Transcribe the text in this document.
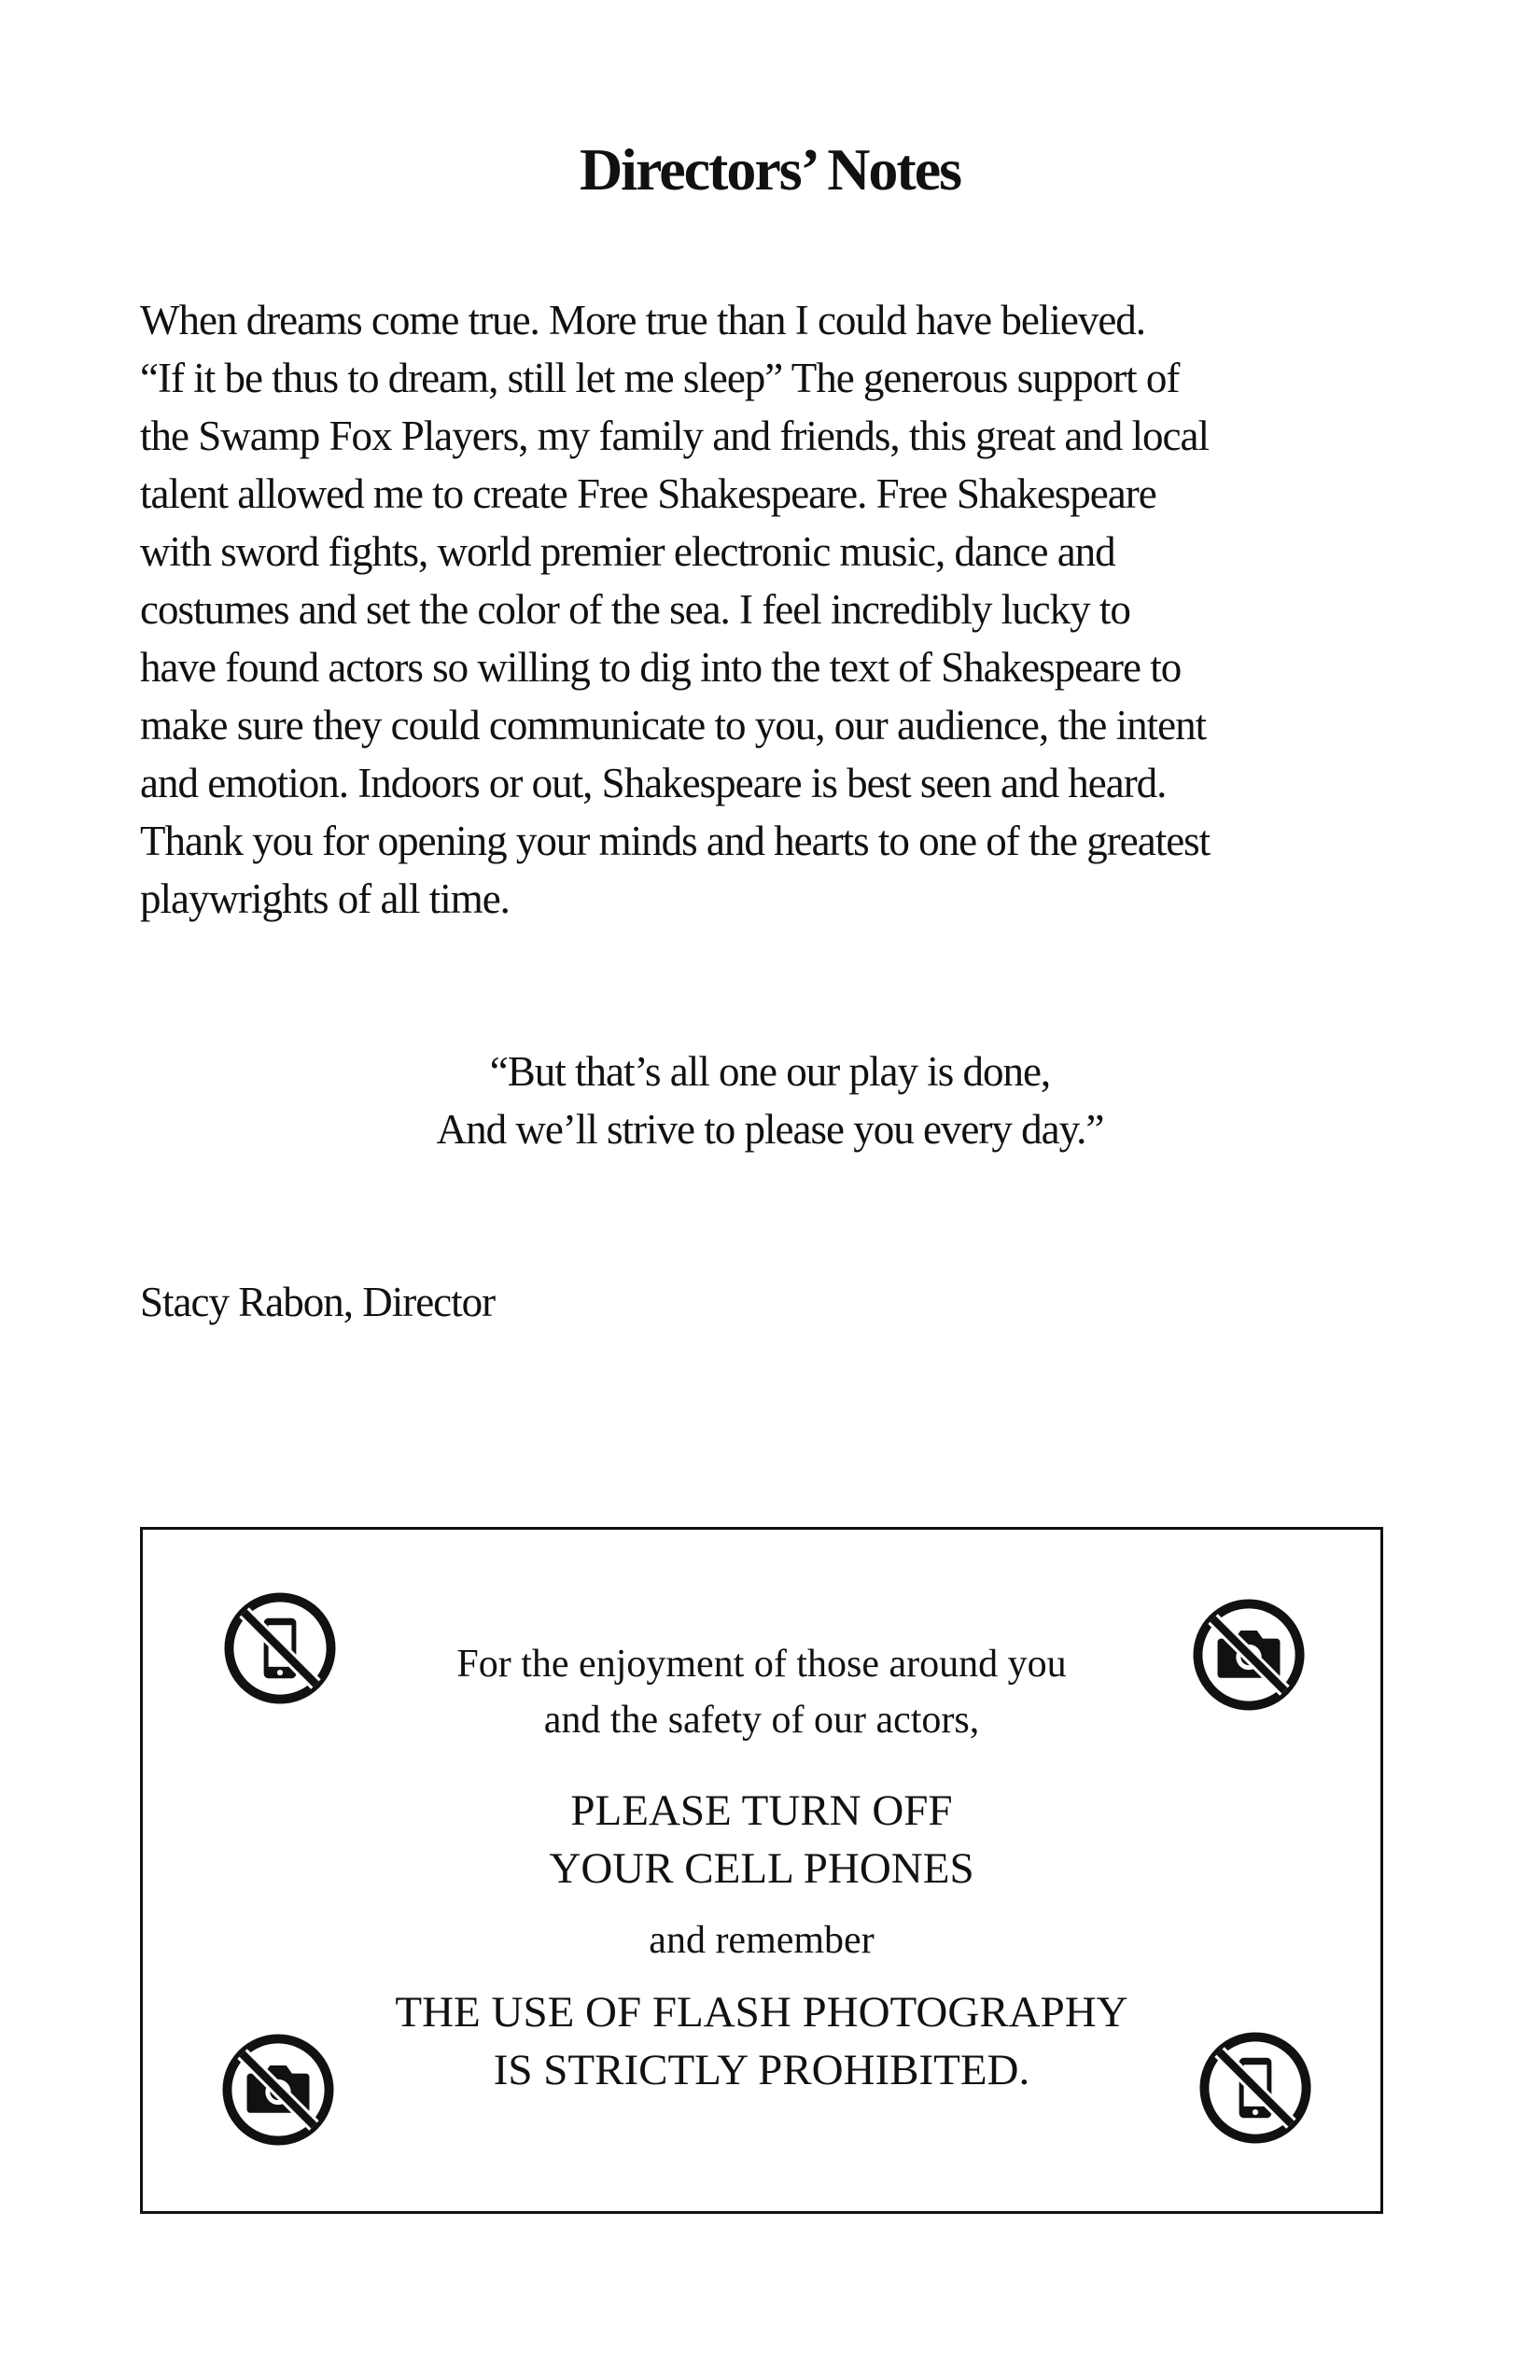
Directors’ Notes
When dreams come true. More true than I could have believed.
“If it be thus to dream, still let me sleep” The generous support of
the Swamp Fox Players, my family and friends, this great and local
talent allowed me to create Free Shakespeare. Free Shakespeare
with sword fights, world premier electronic music, dance and
costumes and set the color of the sea. I feel incredibly lucky to
have found actors so willing to dig into the text of Shakespeare to
make sure they could communicate to you, our audience, the intent
and emotion. Indoors or out, Shakespeare is best seen and heard.
Thank you for opening your minds and hearts to one of the greatest
playwrights of all time.
“But that’s all one our play is done,
And we’ll strive to please you every day.”
Stacy Rabon, Director
For the enjoyment of those around you
and the safety of our actors,
PLEASE TURN OFF
YOUR CELL PHONES
and remember
THE USE OF FLASH PHOTOGRAPHY
IS STRICTLY PROHIBITED.
